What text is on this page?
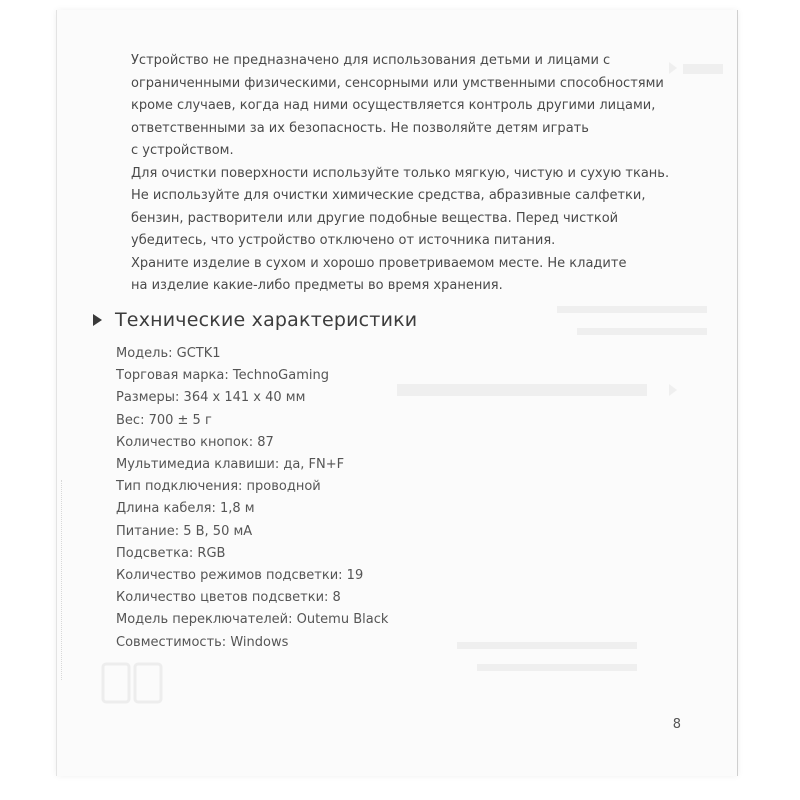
Устройство не предназначено для использования детьми и лицами с

ограниченными физическими, сенсорными или умственными способностями

кроме случаев, когда над ними осуществляется контроль другими лицами,

ответственными за их безопасность. Не позволяйте детям играть

с устройством.

Для очистки поверхности используйте только мягкую, чистую и сухую ткань.

Не используйте для очистки химические средства, абразивные салфетки,

бензин, растворители или другие подобные вещества. Перед чисткой

убедитесь, что устройство отключено от источника питания.

Храните изделие в сухом и хорошо проветриваемом месте. Не кладите

на изделие какие-либо предметы во время хранения.

Технические характеристики
Модель: GCTK1
Торговая марка: TechnoGaming
Размеры: 364 x 141 x 40 мм
Вес: 700 ± 5 г
Количество кнопок: 87
Мультимедиа клавиши: да, FN+F
Тип подключения: проводной
Длина кабеля: 1,8 м
Питание: 5 В, 50 мА
Подсветка: RGB
Количество режимов подсветки: 19
Количество цветов подсветки: 8
Модель переключателей: Outemu Black
Совместимость: Windows
8
